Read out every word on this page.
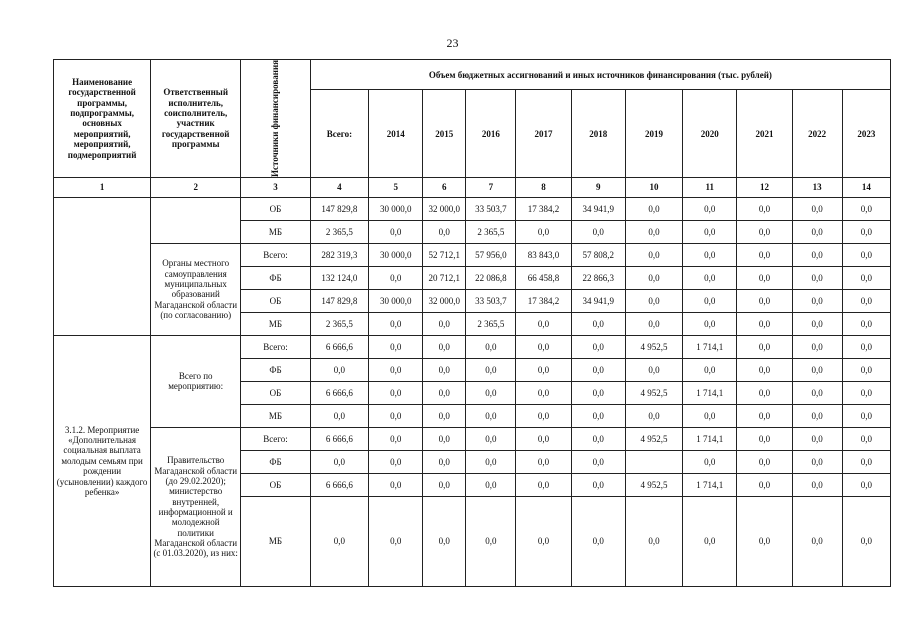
23
Наименование государственной программы, подпрограммы, основных мероприятий, мероприятий, подмероприятий	Ответственный исполнитель, соисполнитель, участник государственной программы	Источники финансирования	Объем бюджетных ассигнований и иных источников финансирования (тыс. рублей)										
			Всего:	2014	2015	2016	2017	2018	2019	2020	2021	2022	2023
1	2	3	4	5	6	7	8	9	10	11	12	13	14
		ОБ	147 829,8	30 000,0	32 000,0	33 503,7	17 384,2	34 941,9	0,0	0,0	0,0	0,0	0,0
		МБ	2 365,5	0,0	0,0	2 365,5	0,0	0,0	0,0	0,0	0,0	0,0	0,0
	Органы местного самоуправления муниципальных образований Магаданской области (по согласованию)	Всего:	282 319,3	30 000,0	52 712,1	57 956,0	83 843,0	57 808,2	0,0	0,0	0,0	0,0	0,0
		ФБ	132 124,0	0,0	20 712,1	22 086,8	66 458,8	22 866,3	0,0	0,0	0,0	0,0	0,0
		ОБ	147 829,8	30 000,0	32 000,0	33 503,7	17 384,2	34 941,9	0,0	0,0	0,0	0,0	0,0
		МБ	2 365,5	0,0	0,0	2 365,5	0,0	0,0	0,0	0,0	0,0	0,0	0,0
3.1.2. Мероприятие «Дополнительная социальная выплата молодым семьям при рождении (усыновлении) каждого ребенка»	Всего по мероприятию:	Всего:	6 666,6	0,0	0,0	0,0	0,0	0,0	4 952,5	1 714,1	0,0	0,0	0,0
		ФБ	0,0	0,0	0,0	0,0	0,0	0,0	0,0	0,0	0,0	0,0	0,0
		ОБ	6 666,6	0,0	0,0	0,0	0,0	0,0	4 952,5	1 714,1	0,0	0,0	0,0
		МБ	0,0	0,0	0,0	0,0	0,0	0,0	0,0	0,0	0,0	0,0	0,0
	Правительство Магаданской области (до 29.02.2020); министерство внутренней, информационной и молодежной политики Магаданской области (с 01.03.2020), из них:	Всего:	6 666,6	0,0	0,0	0,0	0,0	0,0	4 952,5	1 714,1	0,0	0,0	0,0
		ФБ	0,0	0,0	0,0	0,0	0,0	0,0		0,0	0,0	0,0	0,0
		ОБ	6 666,6	0,0	0,0	0,0	0,0	0,0	4 952,5	1 714,1	0,0	0,0	0,0
		МБ	0,0	0,0	0,0	0,0	0,0	0,0	0,0	0,0	0,0	0,0	0,0
